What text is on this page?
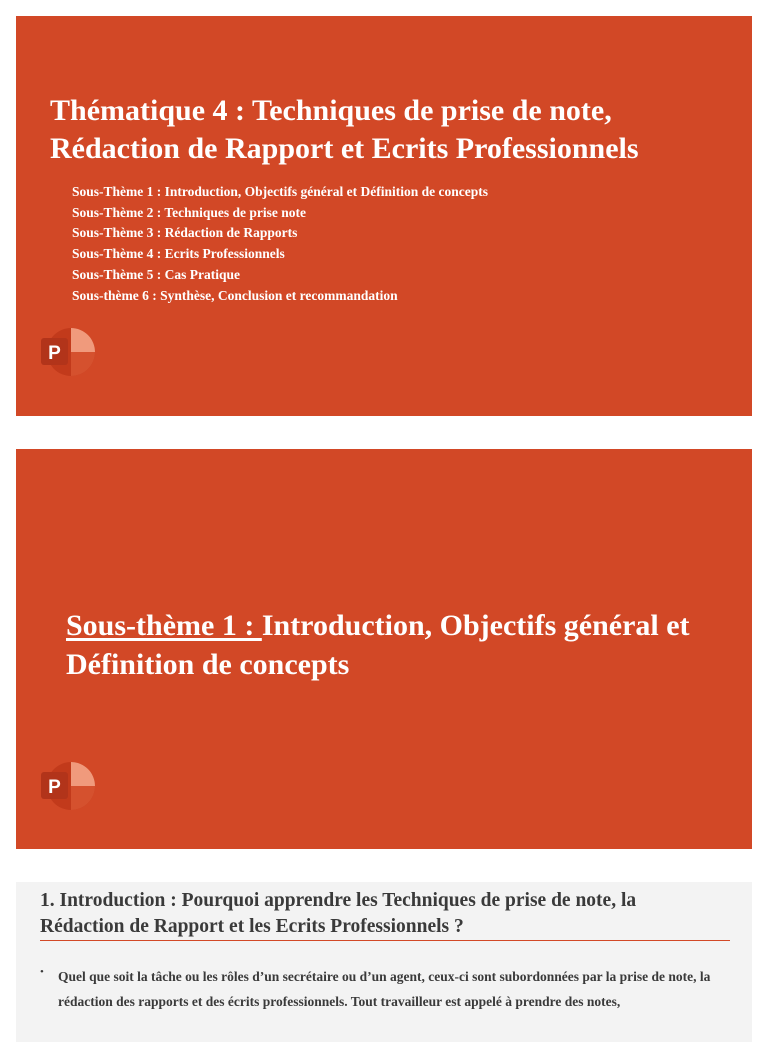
Thématique 4 : Techniques de prise de note,
Rédaction de Rapport et Ecrits Professionnels
Sous-Thème 1 : Introduction, Objectifs général et Définition de concepts
Sous-Thème 2 : Techniques de prise note
Sous-Thème 3 : Rédaction de Rapports
Sous-Thème 4 : Ecrits Professionnels
Sous-Thème 5 : Cas Pratique
Sous-thème 6 : Synthèse, Conclusion et recommandation
P
Sous-thème 1 : Introduction, Objectifs général et Définition de concepts
P
1. Introduction : Pourquoi apprendre les Techniques de prise de note, la
Rédaction de Rapport et les Ecrits Professionnels ?
• Quel que soit la tâche ou les rôles d’un secrétaire ou d’un agent, ceux-ci sont subordonnées par la prise de note, la rédaction des rapports et des écrits professionnels. Tout travailleur est appelé à prendre des notes,
